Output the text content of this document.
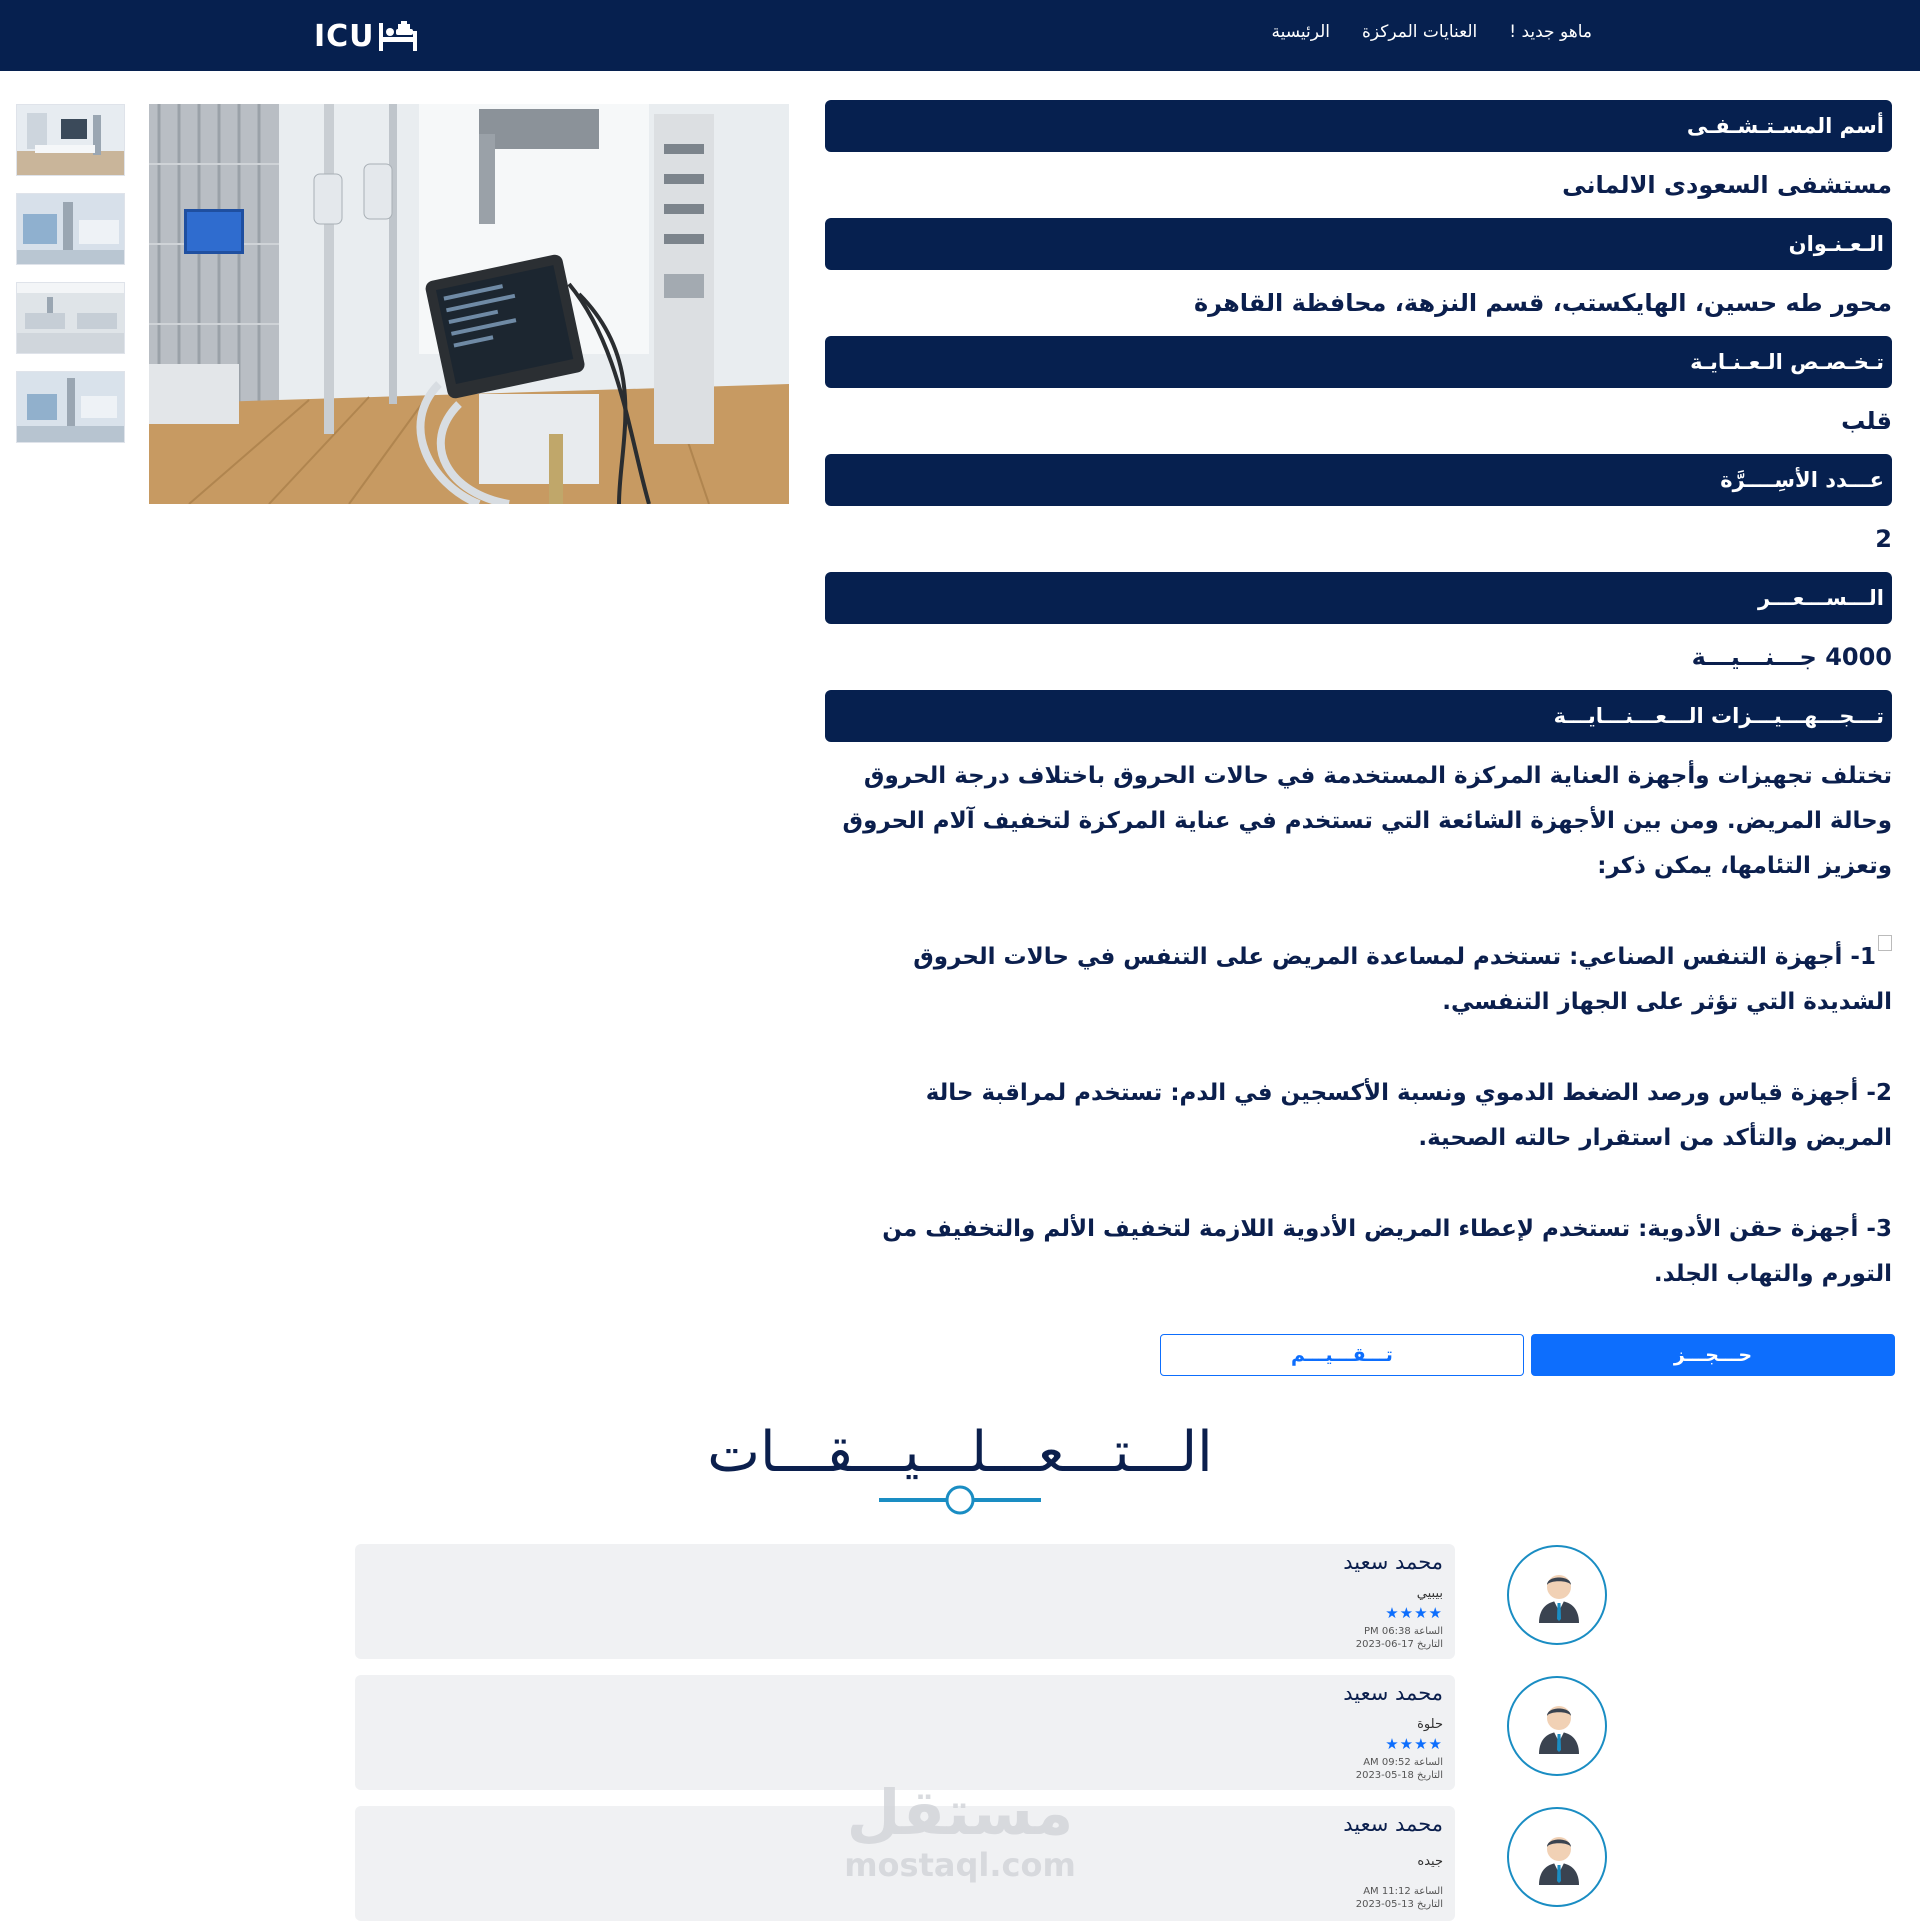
ICU	الرئيسية العنايات المركزة ماهو جديد !
أسم المسـتـشـفـى
مستشفى السعودى الالمانى
الـعـنـوان
محور طه حسين، الهايكستب، قسم النزهة، محافظة القاهرة
تـخـصـص الـعـنـايـة
قلب
عـــدد الأسِــــرَّة
2
الـــســـعـــر
4000 جـــنـــيـــة
تـــجـــهـــيـــزات الـــعـــنـــايـــة

تختلف تجهيزات وأجهزة العناية المركزة المستخدمة في حالات الحروق باختلاف درجة الحروق وحالة المريض. ومن بين الأجهزة الشائعة التي تستخدم في عناية المركزة لتخفيف آلام الحروق وتعزيز التئامها، يمكن ذكر:

1- أجهزة التنفس الصناعي: تستخدم لمساعدة المريض على التنفس في حالات الحروق الشديدة التي تؤثر على الجهاز التنفسي.

2- أجهزة قياس ورصد الضغط الدموي ونسبة الأكسجين في الدم: تستخدم لمراقبة حالة المريض والتأكد من استقرار حالته الصحية.

3- أجهزة حقن الأدوية: تستخدم لإعطاء المريض الأدوية اللازمة لتخفيف الألم والتخفيف من التورم والتهاب الجلد.

حـــجـــز
تـــقـــيـــم
الـــتـــعـــلـــيـــقـــات
محمد سعيد
بيبيي
★★★★
الساعة 06:38 PM
التاريخ 17-06-2023
محمد سعيد
حلوة
★★★★
الساعة 09:52 AM
التاريخ 18-05-2023
محمد سعيد
جيده
الساعة 11:12 AM
التاريخ 13-05-2023
مستقل
mostaql.com
